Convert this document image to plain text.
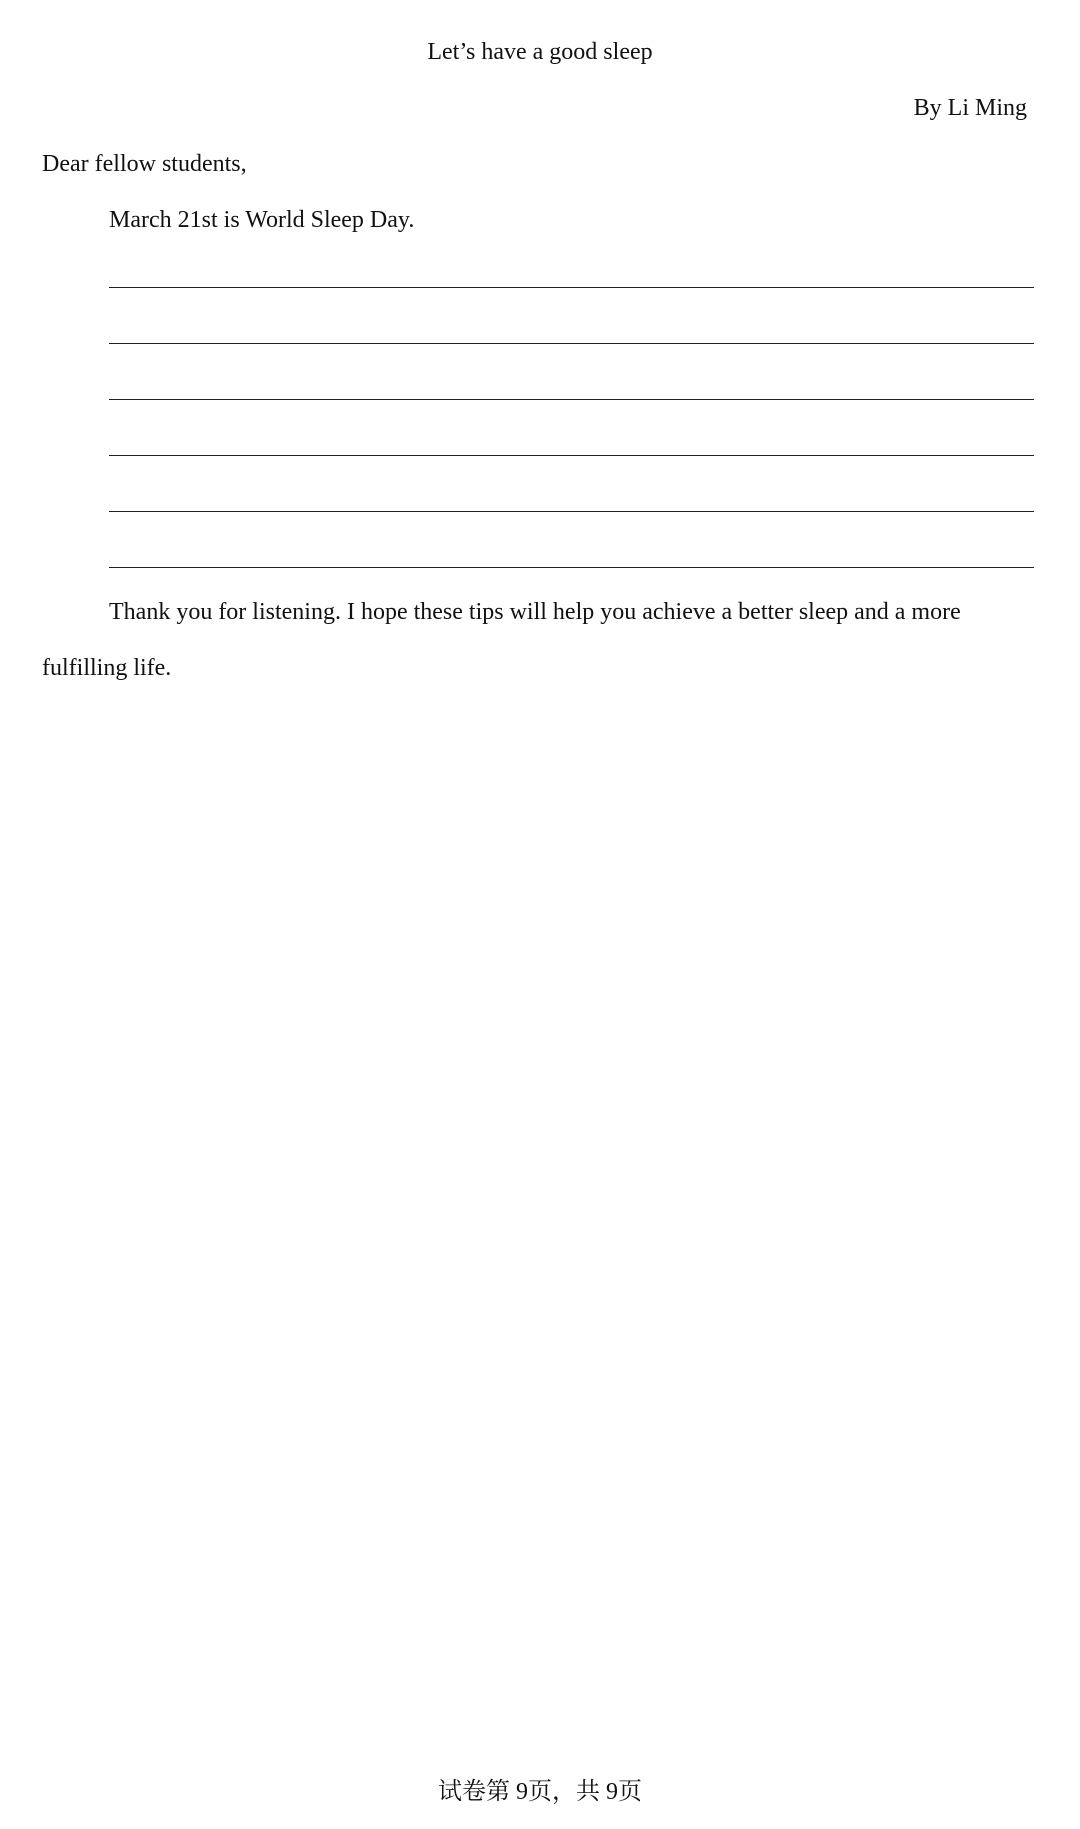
Let’s have a good sleep
By Li Ming
Dear fellow students,
March 21st is World Sleep Day.
Thank you for listening. I hope these tips will help you achieve a better sleep and a more
fulfilling life.
试卷第 9页，共 9页
